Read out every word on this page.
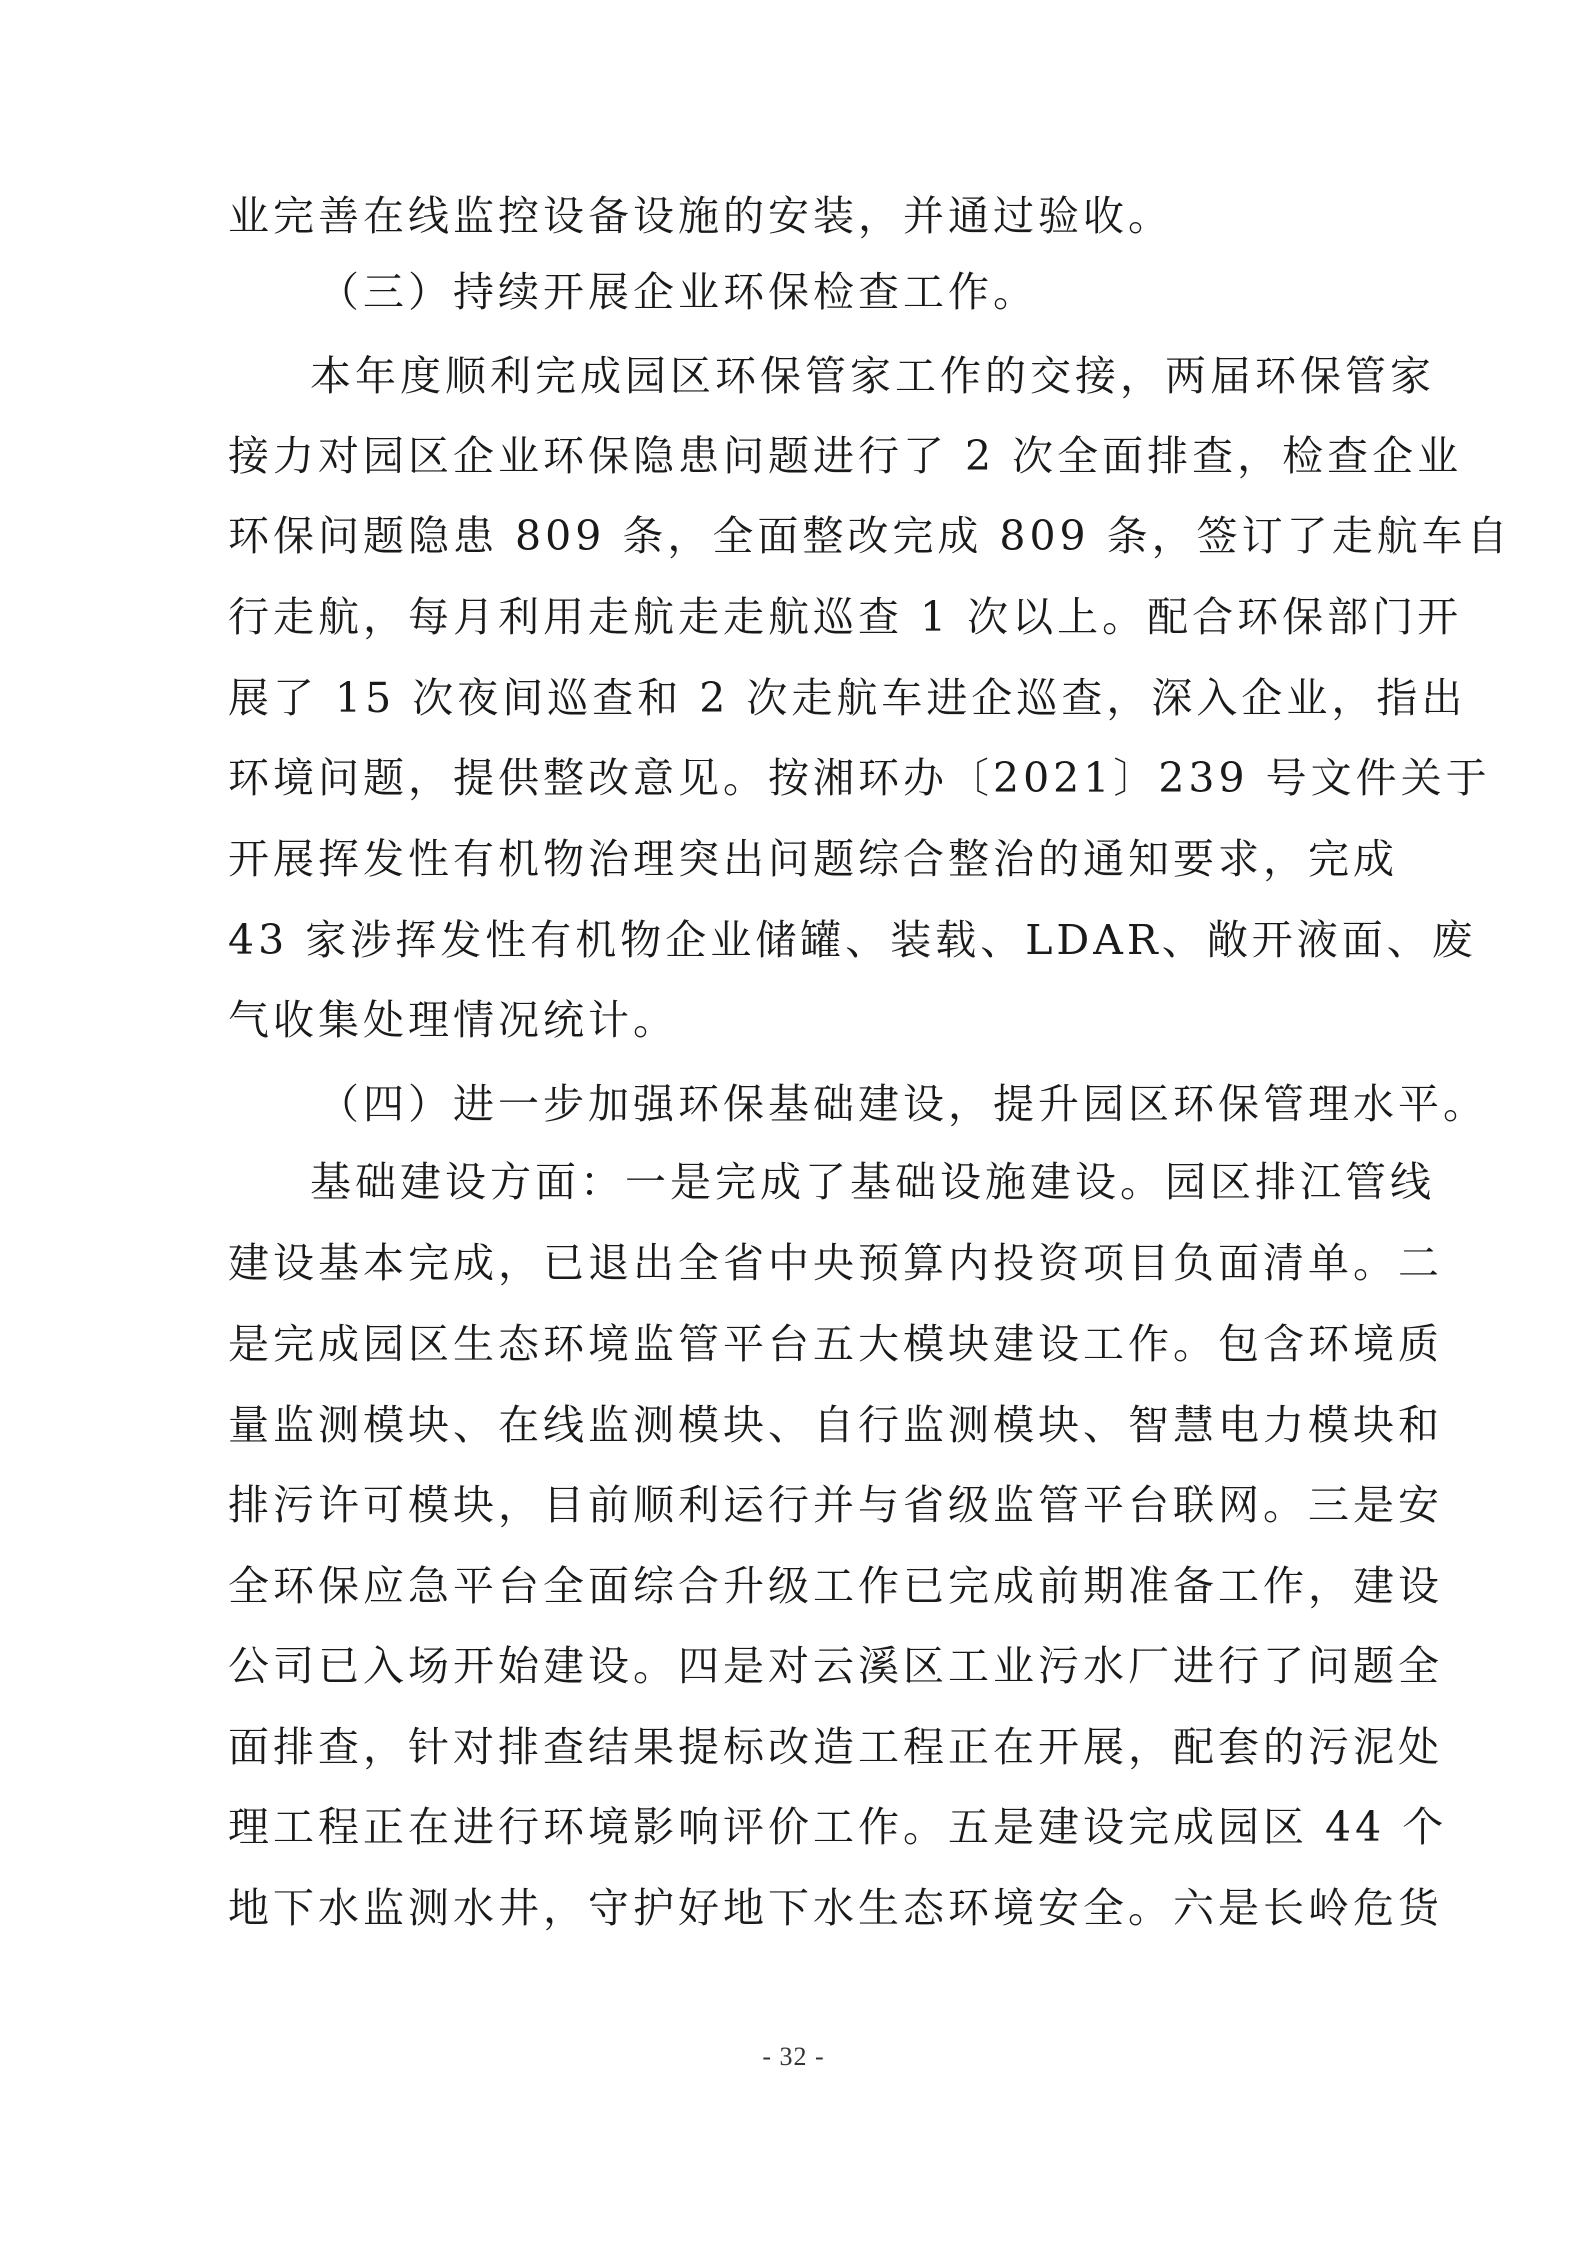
业完善在线监控设备设施的安装，并通过验收。
（三）持续开展企业环保检查工作。
本年度顺利完成园区环保管家工作的交接，两届环保管家
接力对园区企业环保隐患问题进行了 2 次全面排查，检查企业
环保问题隐患 809 条，全面整改完成 809 条，签订了走航车自
行走航，每月利用走航走走航巡查 1 次以上。配合环保部门开
展了 15 次夜间巡查和 2 次走航车进企巡查，深入企业，指出
环境问题，提供整改意见。按湘环办〔2021〕239 号文件关于
开展挥发性有机物治理突出问题综合整治的通知要求，完成
43 家涉挥发性有机物企业储罐、装载、LDAR、敞开液面、废
气收集处理情况统计。
（四）进一步加强环保基础建设，提升园区环保管理水平。
基础建设方面：一是完成了基础设施建设。园区排江管线
建设基本完成，已退出全省中央预算内投资项目负面清单。二
是完成园区生态环境监管平台五大模块建设工作。包含环境质
量监测模块、在线监测模块、自行监测模块、智慧电力模块和
排污许可模块，目前顺利运行并与省级监管平台联网。三是安
全环保应急平台全面综合升级工作已完成前期准备工作，建设
公司已入场开始建设。四是对云溪区工业污水厂进行了问题全
面排查，针对排查结果提标改造工程正在开展，配套的污泥处
理工程正在进行环境影响评价工作。五是建设完成园区 44 个
地下水监测水井，守护好地下水生态环境安全。六是长岭危货
- 32 -
